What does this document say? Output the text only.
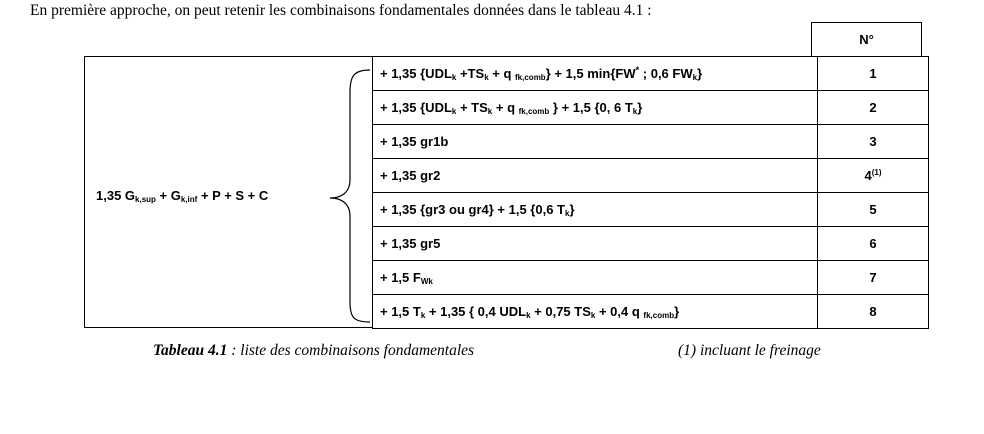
En première approche, on peut retenir les combinaisons fondamentales données dans le tableau 4.1 :
N°
1,35 $G_{k,sup} + G_{k,inf} + P + S + C$
+ 1,35 {$UDL_k +TS_k + q$ $_{fk,comb}$} + 1,5 min{FW* ; 0,6 $FW_k$}	1
+ 1,35 {$UDL_k + TS_k + q$ $_{fk,comb}$ } + 1,5 {0, 6 $T_k$}	2
+ 1,35 gr1b	3
+ 1,35 gr2	$4^{(1)}$
+ 1,35 {gr3 ou gr4} + 1,5 {0,6 $T_k$}	5
+ 1,35 gr5	6
+ 1,5 $F_{Wk}$	7
+ 1,5 $T_k + 1,35$ { 0,4 $UDL_k + 0,75$ $TS_k + 0,4$ q $_{fk,comb}$}	8
Tableau 4.1 : liste des combinaisons fondamentales	(1) incluant le freinage
